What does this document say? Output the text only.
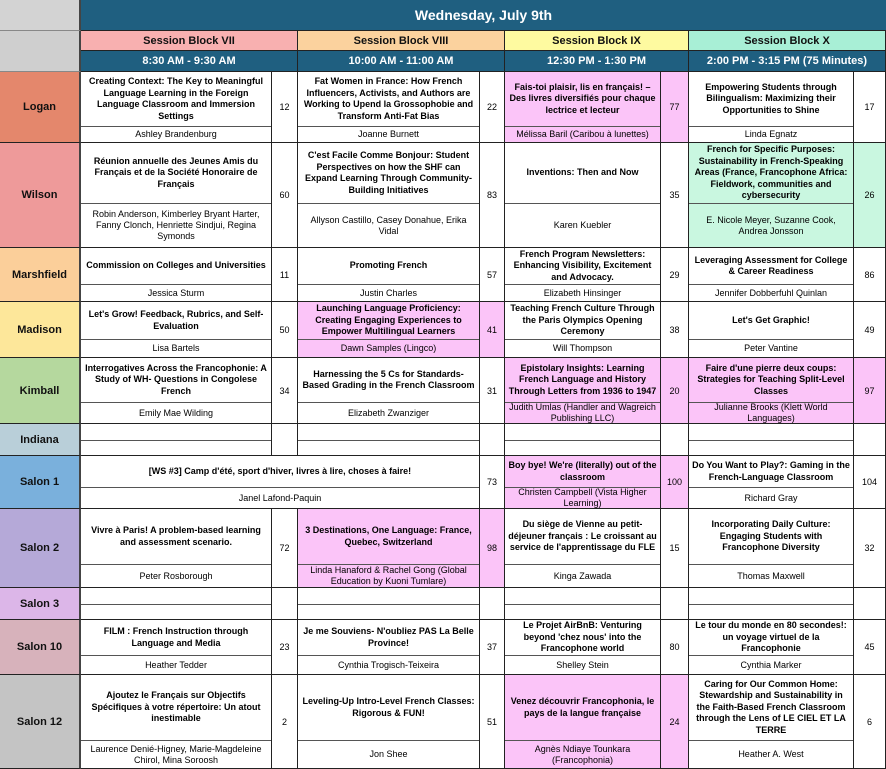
Wednesday, July 9th
Session Block VII
8:30 AM - 9:30 AM
Session Block VIII
10:00 AM - 11:00 AM
Session Block IX
12:30 PM - 1:30 PM
Session Block X
2:00 PM - 3:15 PM (75 Minutes)
Logan
Wilson
Marshfield
Madison
Kimball
Indiana
Salon 1
Salon 2
Salon 3
Salon 10
Salon 12
Creating Context: The Key to Meaningful Language Learning in the Foreign Language Classroom and Immersion Settings
Ashley Brandenburg
12
Fat Women in France: How French Influencers, Activists, and Authors are Working to Upend la Grossophobie and Transform Anti-Fat Bias
Joanne Burnett
22
Fais-toi plaisir, lis en français! – Des livres diversifiés pour chaque lectrice et lecteur
Mélissa Baril (Caribou à lunettes)
77
Empowering Students through Bilingualism: Maximizing their Opportunities to Shine
Linda Egnatz
17
Réunion annuelle des Jeunes Amis du Français et de la Société Honoraire de Français
Robin Anderson, Kimberley Bryant Harter, Fanny Clonch, Henriette Sindjui, Regina Symonds
60
C'est Facile Comme Bonjour: Student Perspectives on how the SHF can Expand Learning Through Community-Building Initiatives
Allyson Castillo, Casey Donahue, Erika Vidal
83
Inventions: Then and Now
Karen Kuebler
35
French for Specific Purposes: Sustainability in French-Speaking Areas (France, Francophone Africa: Fieldwork, communities and cybersecurity
E. Nicole Meyer, Suzanne Cook, Andrea Jonsson
26
Commission on Colleges and Universities
Jessica Sturm
11
Promoting French
Justin Charles
57
French Program Newsletters: Enhancing Visibility, Excitement and Advocacy.
Elizabeth Hinsinger
29
Leveraging Assessment for College & Career Readiness
Jennifer Dobberfuhl Quinlan
86
Let's Grow! Feedback, Rubrics, and Self-Evaluation
Lisa Bartels
50
Launching Language Proficiency: Creating Engaging Experiences to Empower Multilingual Learners
Dawn Samples (Lingco)
41
Teaching French Culture Through the Paris Olympics Opening Ceremony
Will Thompson
38
Let's Get Graphic!
Peter Vantine
49
Interrogatives Across the Francophonie: A Study of WH- Questions in Congolese French
Emily Mae Wilding
34
Harnessing the 5 Cs for Standards-Based Grading in the French Classroom
Elizabeth Zwanziger
31
Epistolary Insights: Learning French Language and History Through Letters from 1936 to 1947
Judith Umlas (Handler and Wagreich Publishing LLC)
20
Faire d'une pierre deux coups: Strategies for Teaching Split-Level Classes
Julianne Brooks (Klett World Languages)
97
[WS #3] Camp d'été, sport d'hiver, livres à lire, choses à faire!
Janel Lafond-Paquin
73
Boy bye! We're (literally) out of the classroom
Christen Campbell (Vista Higher Learning)
100
Do You Want to Play?: Gaming in the French-Language Classroom
Richard Gray
104
Vivre à Paris! A problem-based learning and assessment scenario.
Peter Rosborough
72
3 Destinations, One Language: France, Quebec, Switzerland
Linda Hanaford & Rachel Gong (Global Education by Kuoni Tumlare)
98
Du siège de Vienne au petit-déjeuner français : Le croissant au service de l'apprentissage du FLE
Kinga Zawada
15
Incorporating Daily Culture: Engaging Students with Francophone Diversity
Thomas Maxwell
32
FILM : French Instruction through Language and Media
Heather Tedder
23
Je me Souviens- N'oubliez PAS La Belle Province!
Cynthia Trogisch-Teixeira
37
Le Projet AirBnB: Venturing beyond 'chez nous' into the Francophone world
Shelley Stein
80
Le tour du monde en 80 secondes!: un voyage virtuel de la Francophonie
Cynthia Marker
45
Ajoutez le Français sur Objectifs Spécifiques à votre répertoire: Un atout inestimable
Laurence Denié-Higney, Marie-Magdeleine Chirol, Mina Soroosh
2
Leveling-Up Intro-Level French Classes: Rigorous & FUN!
Jon Shee
51
Venez découvrir Francophonia, le pays de la langue française
Agnès Ndiaye Tounkara (Francophonia)
24
Caring for Our Common Home: Stewardship and Sustainability in the Faith-Based French Classroom through the Lens of LE CIEL ET LA TERRE
Heather A. West
6
